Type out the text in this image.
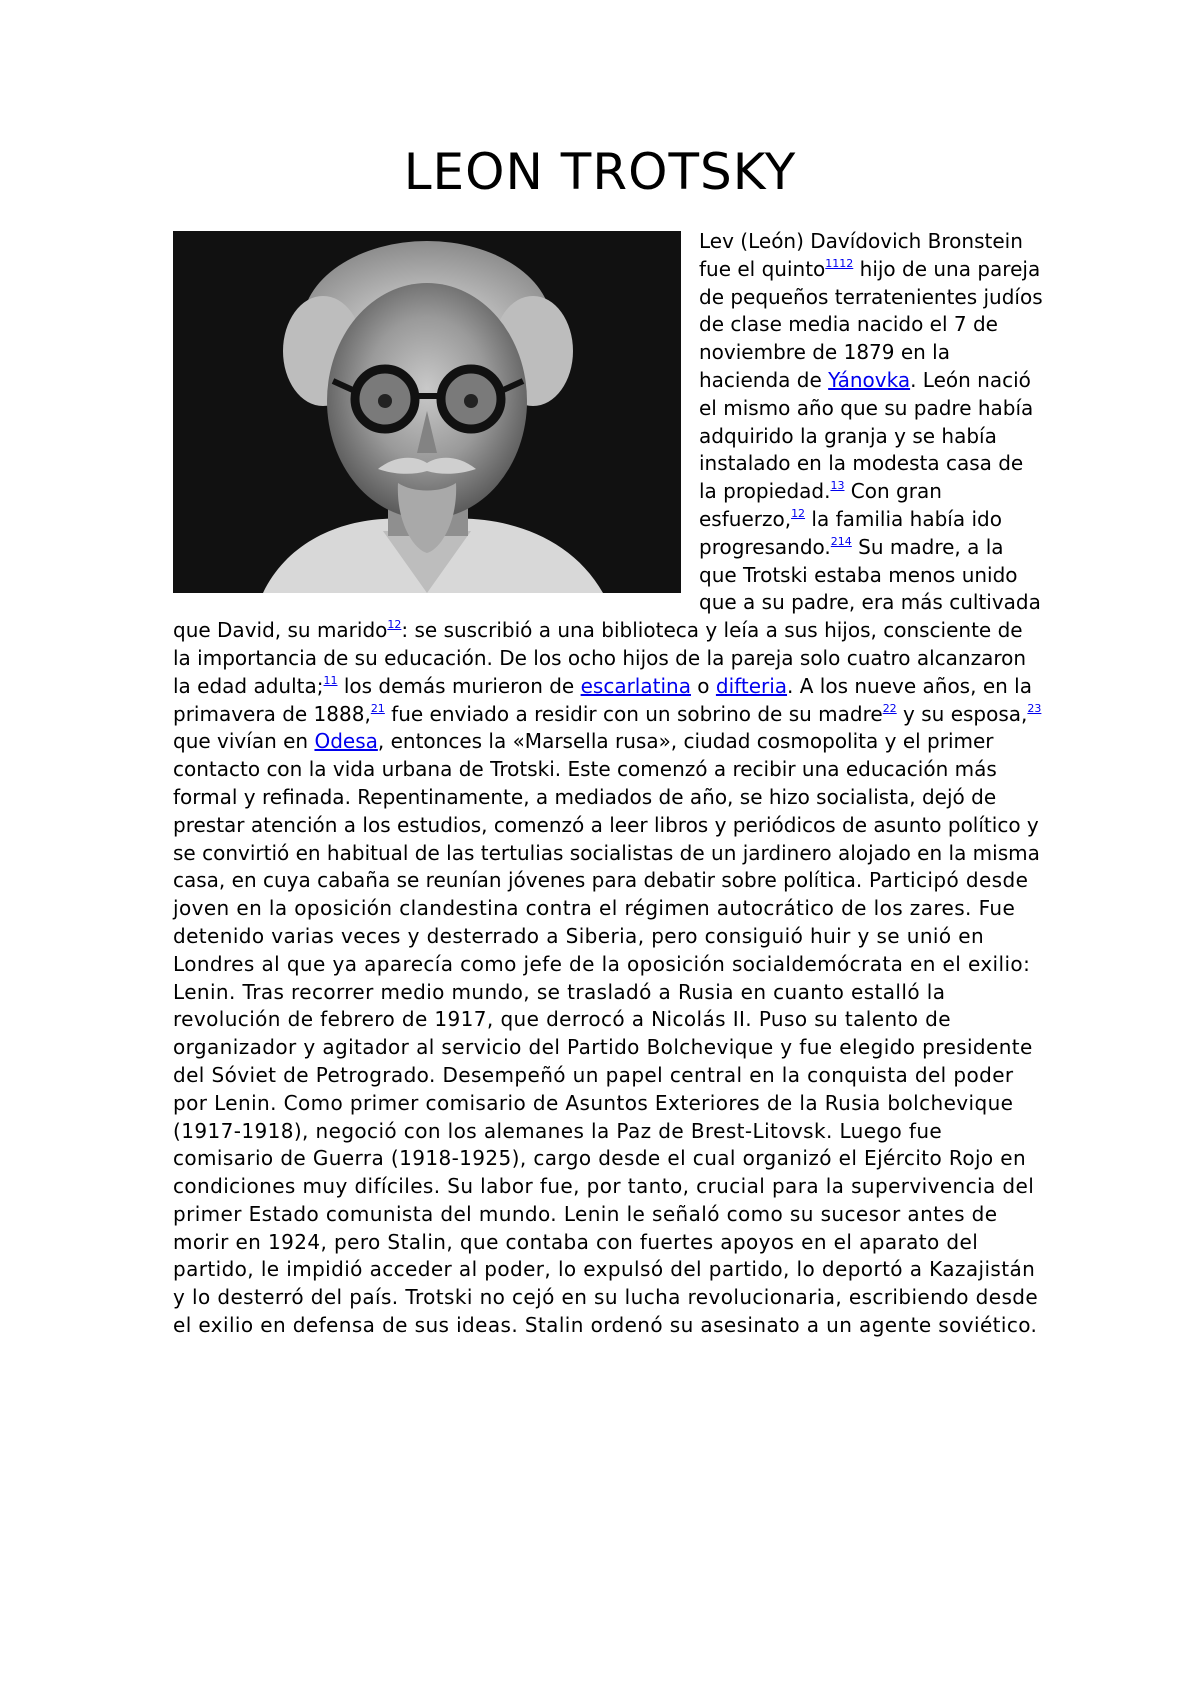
LEON TROTSKY
Lev (León) Davídovich Bronstein fue el quinto$^{1112}$ hijo de una pareja de pequeños terratenientes judíos de clase media nacido el 7 de noviembre de 1879 en la hacienda de Yánovka. León nació el mismo año que su padre había adquirido la granja y se había instalado en la modesta casa de la propiedad.$^{13}$ Con gran esfuerzo,$^{12}$ la familia había ido progresando.$^{214}$ Su madre, a la que Trotski estaba menos unido que a su padre, era más cultivada que David, su marido$^{12}$: se suscribió a una biblioteca y leía a sus hijos, consciente de la importancia de su educación. De los ocho hijos de la pareja solo cuatro alcanzaron la edad adulta;$^{11}$ los demás murieron de escarlatina o difteria. A los nueve años, en la primavera de 1888,21 fue enviado a residir con un sobrino de su madre$^{22}$ y su esposa,$^{23}$ que vivían en Odesa, entonces la «Marsella rusa», ciudad cosmopolita y el primer contacto con la vida urbana de Trotski. Este comenzó a recibir una educación más formal y refinada. Repentinamente, a mediados de año, se hizo socialista, dejó de prestar atención a los estudios, comenzó a leer libros y periódicos de asunto político y se convirtió en habitual de las tertulias socialistas de un jardinero alojado en la misma casa, en cuya cabaña se reunían jóvenes para debatir sobre política. Participó desde joven en la oposición clandestina contra el régimen autocrático de los zares. Fue detenido varias veces y desterrado a Siberia, pero consiguió huir y se unió en Londres al que ya aparecía como jefe de la oposición socialdemócrata en el exilio: Lenin. Tras recorrer medio mundo, se trasladó a Rusia en cuanto estalló la revolución de febrero de 1917, que derrocó a Nicolás II. Puso su talento de organizador y agitador al servicio del Partido Bolchevique y fue elegido presidente del Sóviet de Petrogrado. Desempeñó un papel central en la conquista del poder por Lenin. Como primer comisario de Asuntos Exteriores de la Rusia bolchevique (1917-1918), negoció con los alemanes la Paz de Brest-Litovsk. Luego fue comisario de Guerra (1918-1925), cargo desde el cual organizó el Ejército Rojo en condiciones muy difíciles. Su labor fue, por tanto, crucial para la supervivencia del primer Estado comunista del mundo. Lenin le señaló como su sucesor antes de morir en 1924, pero Stalin, que contaba con fuertes apoyos en el aparato del partido, le impidió acceder al poder, lo expulsó del partido, lo deportó a Kazajistán y lo desterró del país. Trotski no cejó en su lucha revolucionaria, escribiendo desde el exilio en defensa de sus ideas. Stalin ordenó su asesinato a un agente soviético.
